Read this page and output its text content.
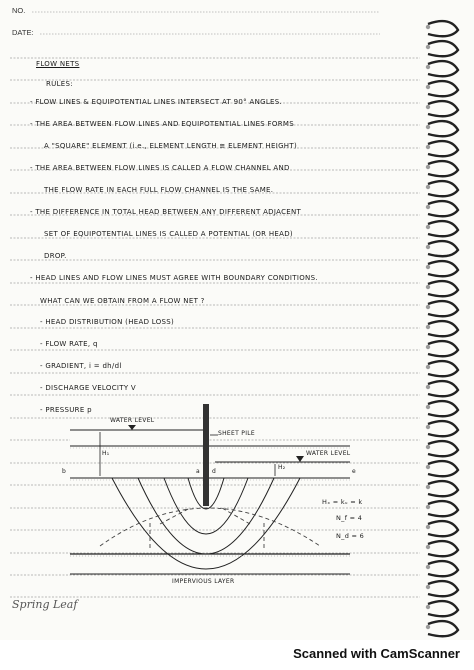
NO.
DATE:
FLOW NETS
RULES:
- FLOW LINES & EQUIPOTENTIAL LINES INTERSECT AT 90° ANGLES.
- THE AREA BETWEEN FLOW LINES AND EQUIPOTENTIAL LINES FORMS
A "SQUARE" ELEMENT (i.e., ELEMENT LENGTH ≅ ELEMENT HEIGHT)
- THE AREA BETWEEN FLOW LINES IS CALLED A FLOW CHANNEL AND
THE FLOW RATE IN EACH FULL FLOW CHANNEL IS THE SAME.
- THE DIFFERENCE IN TOTAL HEAD BETWEEN ANY DIFFERENT ADJACENT
SET OF EQUIPOTENTIAL LINES IS CALLED A POTENTIAL (OR HEAD)
DROP.
- HEAD LINES AND FLOW LINES MUST AGREE WITH BOUNDARY CONDITIONS.
WHAT CAN WE OBTAIN FROM A FLOW NET ?
- HEAD DISTRIBUTION (HEAD LOSS)
- FLOW RATE, q
- GRADIENT, i = dh/dl
- DISCHARGE VELOCITY V
- PRESSURE p
WATER LEVEL
SHEET PILE
WATER LEVEL
H₁
H₂
b	a d	e
Hₓ = kᵤ = k
N_f = 4
N_d = 6
IMPERVIOUS LAYER
Spring Leaf
Scanned with CamScanner
